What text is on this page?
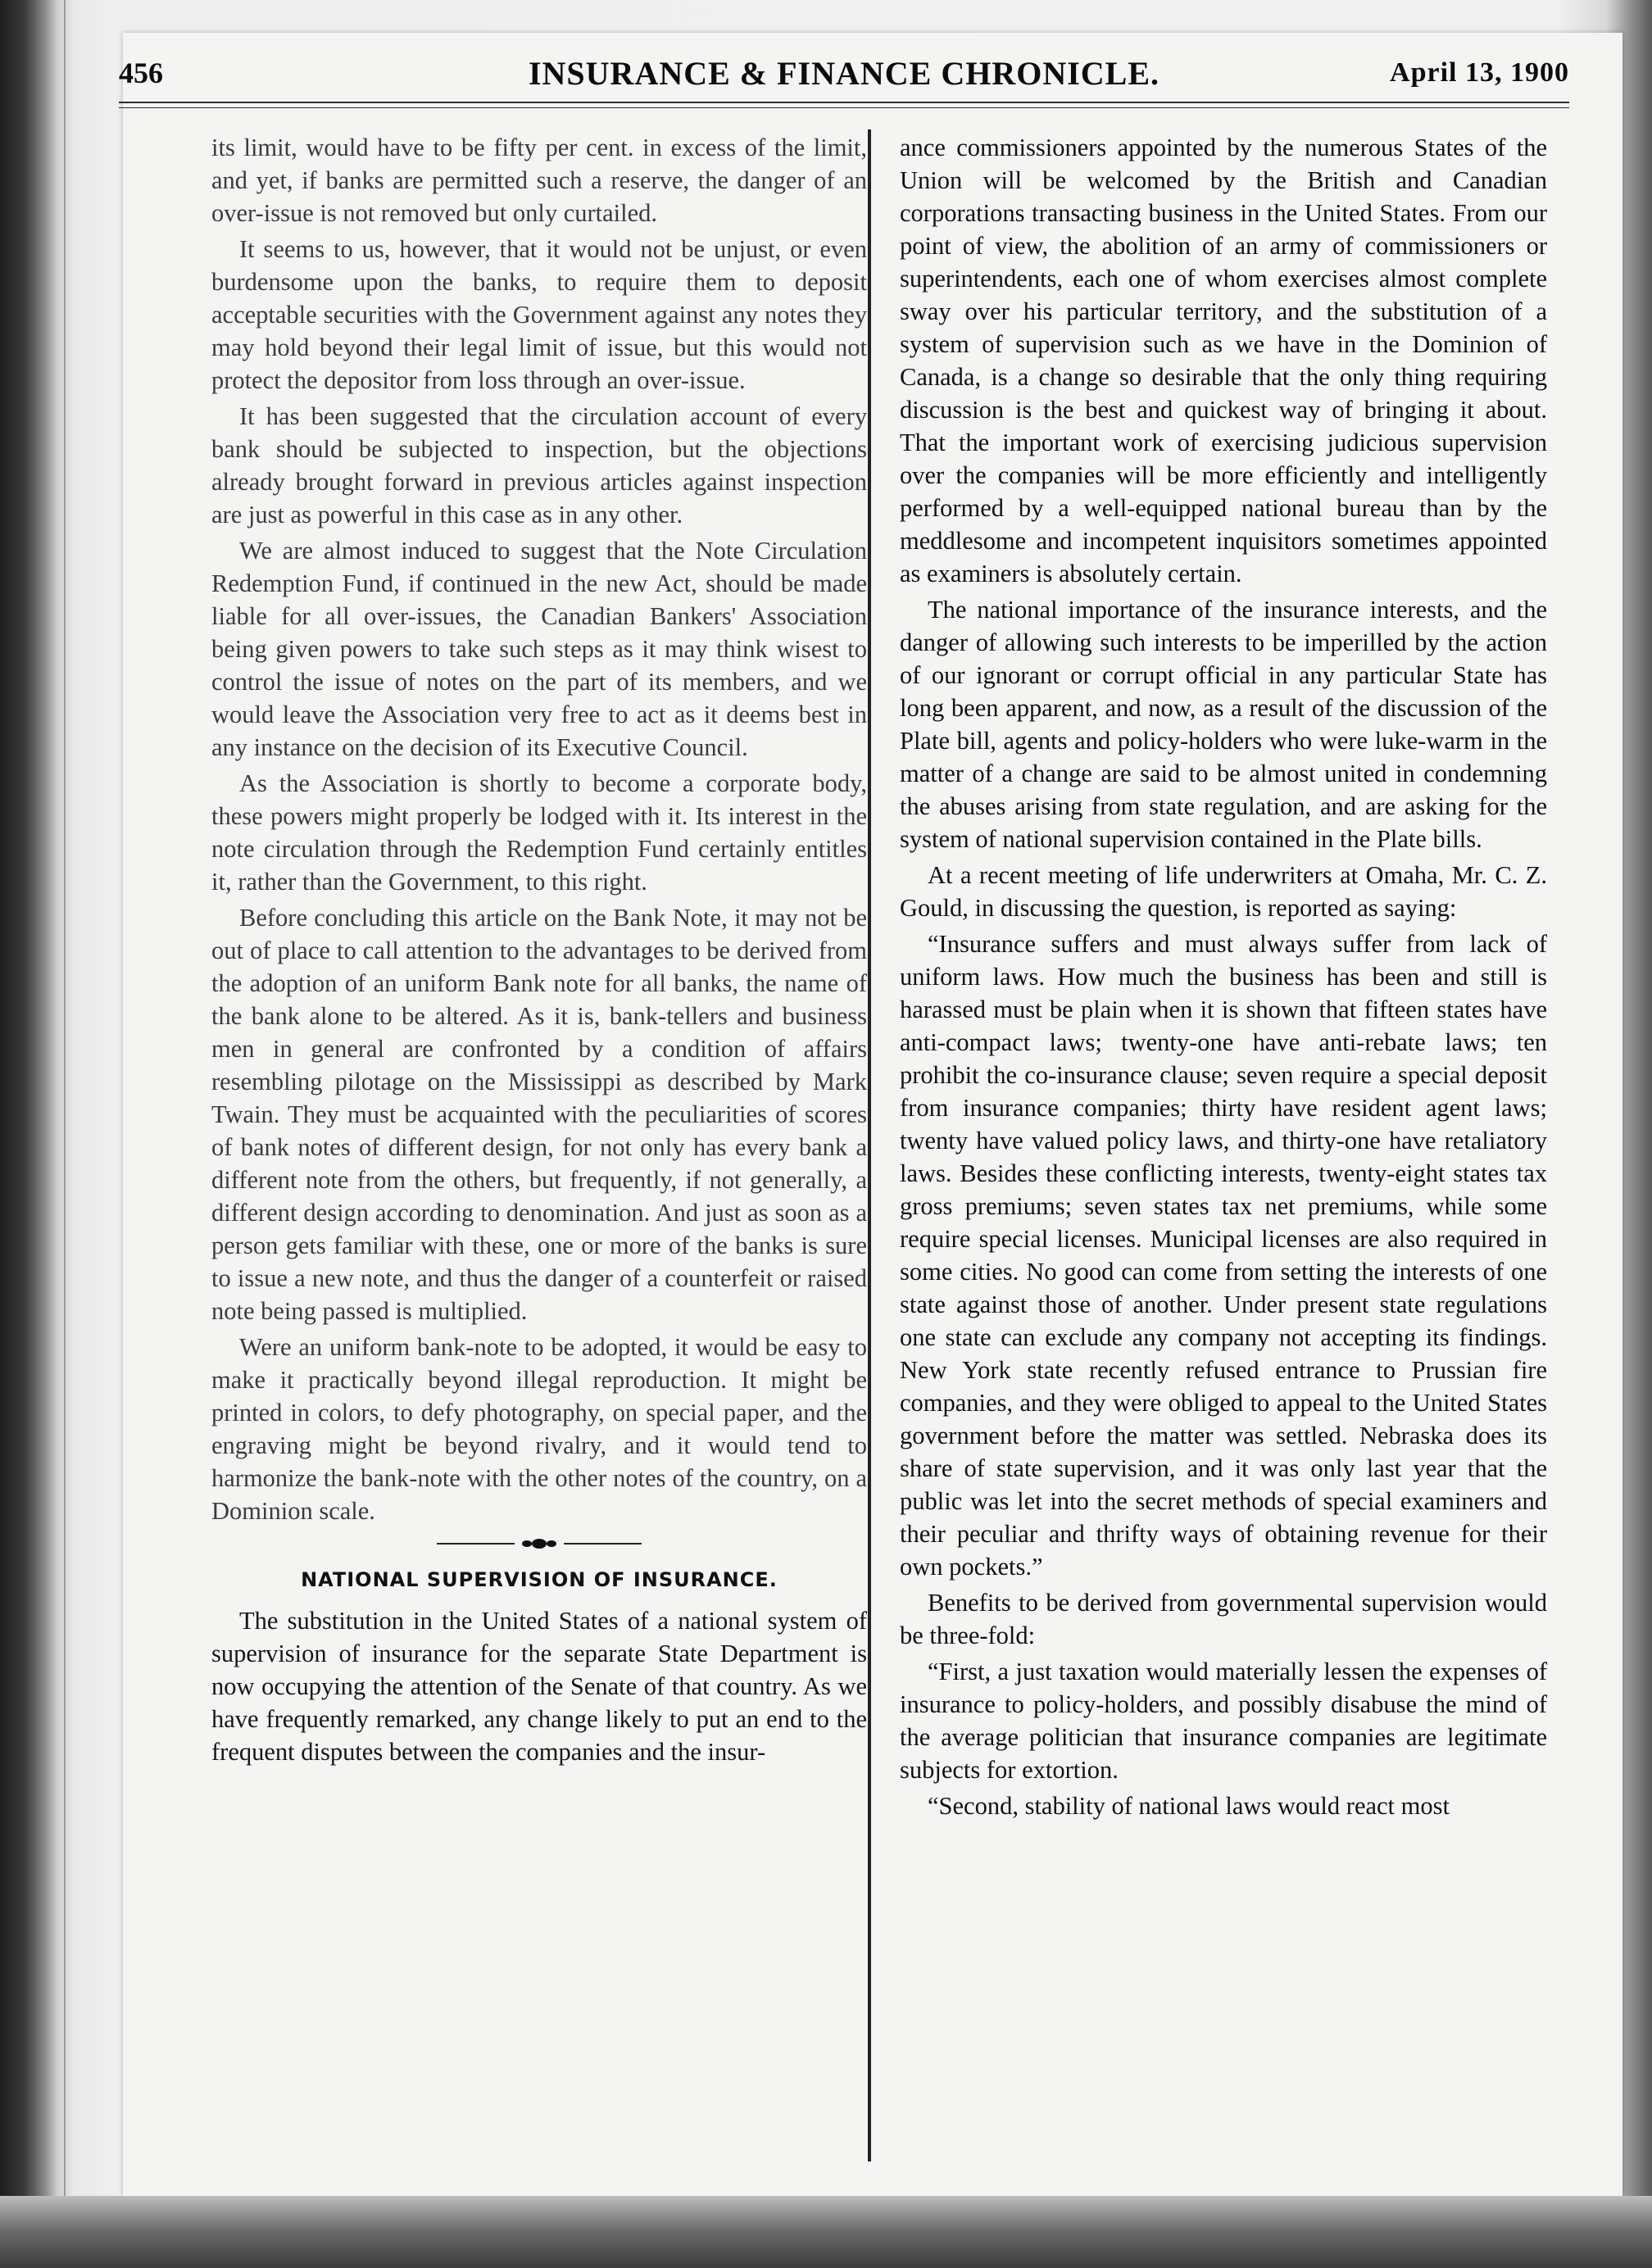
456	INSURANCE & FINANCE CHRONICLE.	April 13, 1900

its limit, would have to be fifty per cent. in excess of the limit, and yet, if banks are permitted such a reserve, the danger of an over-issue is not removed but only curtailed.

It seems to us, however, that it would not be unjust, or even burdensome upon the banks, to require them to deposit acceptable securities with the Government against any notes they may hold beyond their legal limit of issue, but this would not protect the depositor from loss through an over-issue.

It has been suggested that the circulation account of every bank should be subjected to inspection, but the objections already brought forward in previous articles against inspection are just as powerful in this case as in any other.

We are almost induced to suggest that the Note Circulation Redemption Fund, if continued in the new Act, should be made liable for all over-issues, the Canadian Bankers' Association being given powers to take such steps as it may think wisest to control the issue of notes on the part of its members, and we would leave the Association very free to act as it deems best in any instance on the decision of its Executive Council.

As the Association is shortly to become a corporate body, these powers might properly be lodged with it. Its interest in the note circulation through the Redemption Fund certainly entitles it, rather than the Government, to this right.

Before concluding this article on the Bank Note, it may not be out of place to call attention to the advantages to be derived from the adoption of an uniform Bank note for all banks, the name of the bank alone to be altered. As it is, bank-tellers and business men in general are confronted by a condition of affairs resembling pilotage on the Mississippi as described by Mark Twain. They must be acquainted with the peculiarities of scores of bank notes of different design, for not only has every bank a different note from the others, but frequently, if not generally, a different design according to denomination. And just as soon as a person gets familiar with these, one or more of the banks is sure to issue a new note, and thus the danger of a counterfeit or raised note being passed is multiplied.

Were an uniform bank-note to be adopted, it would be easy to make it practically beyond illegal reproduction. It might be printed in colors, to defy photography, on special paper, and the engraving might be beyond rivalry, and it would tend to harmonize the bank-note with the other notes of the country, on a Dominion scale.

NATIONAL SUPERVISION OF INSURANCE.

The substitution in the United States of a national system of supervision of insurance for the separate State Department is now occupying the attention of the Senate of that country. As we have frequently remarked, any change likely to put an end to the frequent disputes between the companies and the insur-

ance commissioners appointed by the numerous States of the Union will be welcomed by the British and Canadian corporations transacting business in the United States. From our point of view, the abolition of an army of commissioners or superintendents, each one of whom exercises almost complete sway over his particular territory, and the substitution of a system of supervision such as we have in the Dominion of Canada, is a change so desirable that the only thing requiring discussion is the best and quickest way of bringing it about. That the important work of exercising judicious supervision over the companies will be more efficiently and intelligently performed by a well-equipped national bureau than by the meddlesome and incompetent inquisitors sometimes appointed as examiners is absolutely certain.

The national importance of the insurance interests, and the danger of allowing such interests to be imperilled by the action of our ignorant or corrupt official in any particular State has long been apparent, and now, as a result of the discussion of the Plate bill, agents and policy-holders who were luke-warm in the matter of a change are said to be almost united in condemning the abuses arising from state regulation, and are asking for the system of national supervision contained in the Plate bills.

At a recent meeting of life underwriters at Omaha, Mr. C. Z. Gould, in discussing the question, is reported as saying:

“Insurance suffers and must always suffer from lack of uniform laws. How much the business has been and still is harassed must be plain when it is shown that fifteen states have anti-compact laws; twenty-one have anti-rebate laws; ten prohibit the co-insurance clause; seven require a special deposit from insurance companies; thirty have resident agent laws; twenty have valued policy laws, and thirty-one have retaliatory laws. Besides these conflicting interests, twenty-eight states tax gross premiums; seven states tax net premiums, while some require special licenses. Municipal licenses are also required in some cities. No good can come from setting the interests of one state against those of another. Under present state regulations one state can exclude any company not accepting its findings. New York state recently refused entrance to Prussian fire companies, and they were obliged to appeal to the United States government before the matter was settled. Nebraska does its share of state supervision, and it was only last year that the public was let into the secret methods of special examiners and their peculiar and thrifty ways of obtaining revenue for their own pockets.”

Benefits to be derived from governmental supervision would be three-fold:

“First, a just taxation would materially lessen the expenses of insurance to policy-holders, and possibly disabuse the mind of the average politician that insurance companies are legitimate subjects for extortion.

“Second, stability of national laws would react most
